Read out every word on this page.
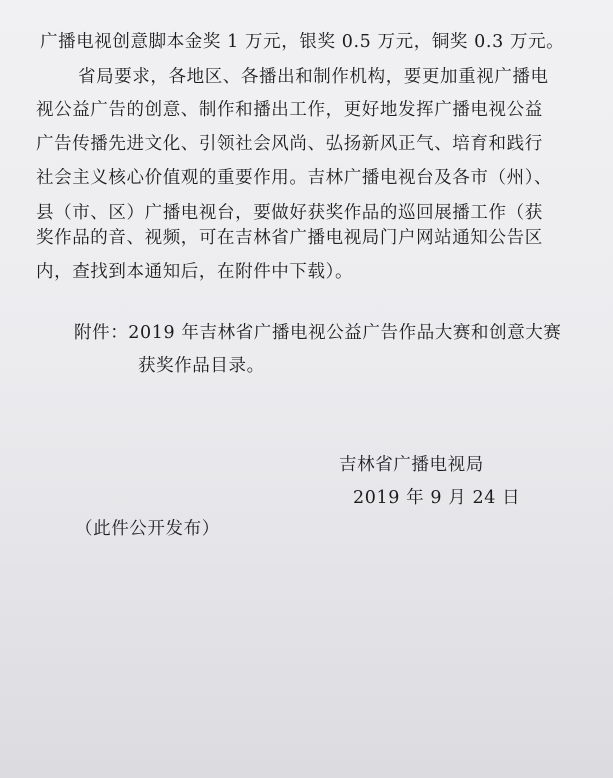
广播电视创意脚本金奖 1 万元，银奖 0.5 万元，铜奖 0.3 万元。
省局要求，各地区、各播出和制作机构，要更加重视广播电
视公益广告的创意、制作和播出工作，更好地发挥广播电视公益
广告传播先进文化、引领社会风尚、弘扬新风正气、培育和践行
社会主义核心价值观的重要作用。吉林广播电视台及各市（州）、
县（市、区）广播电视台，要做好获奖作品的巡回展播工作（获
奖作品的音、视频，可在吉林省广播电视局门户网站通知公告区
内，查找到本通知后，在附件中下载）。
附件：2019 年吉林省广播电视公益广告作品大赛和创意大赛
获奖作品目录。
吉林省广播电视局
2019 年 9 月 24 日
（此件公开发布）
